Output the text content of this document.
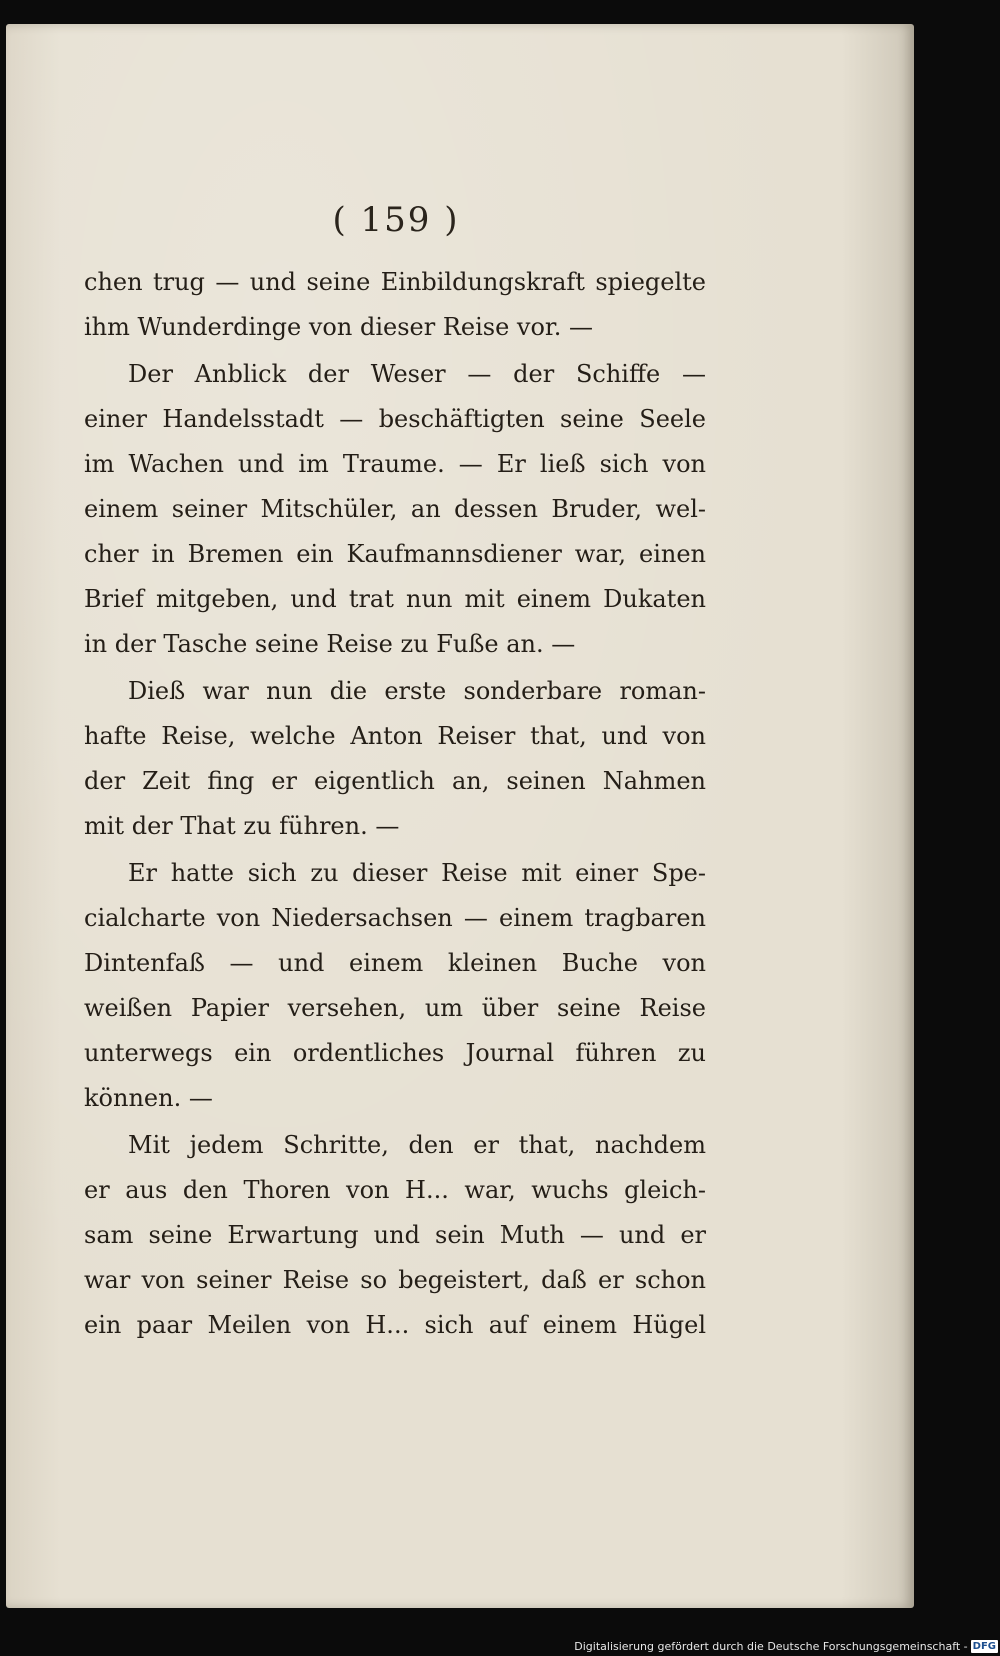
( 159 )
chen trug — und seine Einbildungskraft spiegelte
ihm Wunderdinge von dieser Reise vor. —
Der Anblick der Weser — der Schiffe —
einer Handelsstadt — beschäftigten seine Seele
im Wachen und im Traume. — Er ließ sich von
einem seiner Mitschüler, an dessen Bruder, wel-
cher in Bremen ein Kaufmannsdiener war, einen
Brief mitgeben, und trat nun mit einem Dukaten
in der Tasche seine Reise zu Fuße an. —
Dieß war nun die erste sonderbare roman-
hafte Reise, welche Anton Reiser that, und von
der Zeit fing er eigentlich an, seinen Nahmen
mit der That zu führen. —
Er hatte sich zu dieser Reise mit einer Spe-
cialcharte von Niedersachsen — einem tragbaren
Dintenfaß — und einem kleinen Buche von
weißen Papier versehen, um über seine Reise
unterwegs ein ordentliches Journal führen zu
können. —
Mit jedem Schritte, den er that, nachdem
er aus den Thoren von H... war, wuchs gleich-
sam seine Erwartung und sein Muth — und er
war von seiner Reise so begeistert, daß er schon
ein paar Meilen von H... sich auf einem Hügel
Digitalisierung gefördert durch die Deutsche Forschungsgemeinschaft - DFG
